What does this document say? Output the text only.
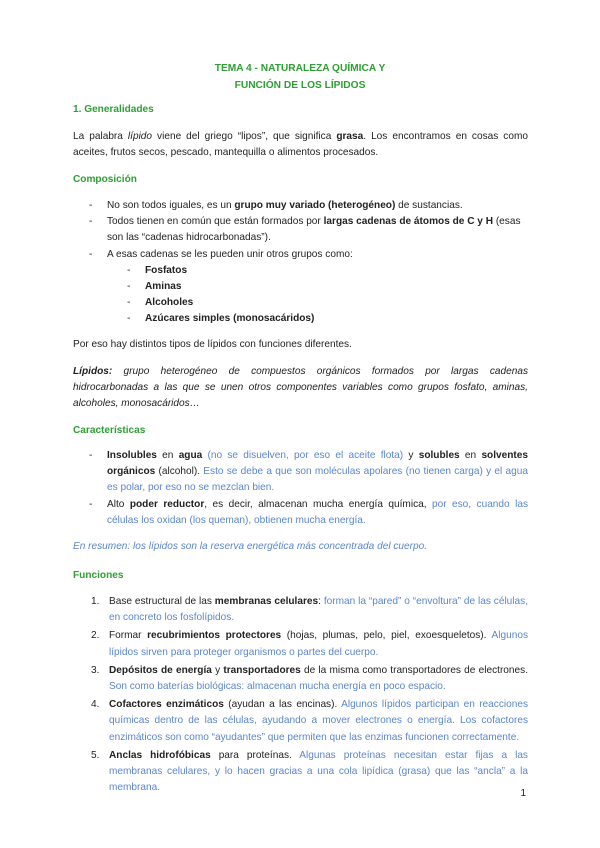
TEMA 4 - NATURALEZA QUÍMICA Y
FUNCIÓN DE LOS LÍPIDOS
1. Generalidades
La palabra lípido viene del griego “lipos”, que significa grasa. Los encontramos en cosas como aceites, frutos secos, pescado, mantequilla o alimentos procesados.
Composición
- No son todos iguales, es un grupo muy variado (heterogéneo) de sustancias.
- Todos tienen en común que están formados por largas cadenas de átomos de C y H (esas son las “cadenas hidrocarbonadas”).
- A esas cadenas se les pueden unir otros grupos como:
- Fosfatos
- Aminas
- Alcoholes
- Azúcares simples (monosacáridos)
Por eso hay distintos tipos de lípidos con funciones diferentes.
Lípidos: grupo heterogéneo de compuestos orgánicos formados por largas cadenas hidrocarbonadas a las que se unen otros componentes variables como grupos fosfato, aminas, alcoholes, monosacáridos…
Características
- Insolubles en agua (no se disuelven, por eso el aceite flota) y solubles en solventes orgánicos (alcohol). Esto se debe a que son moléculas apolares (no tienen carga) y el agua es polar, por eso no se mezclan bien.
- Alto poder reductor, es decir, almacenan mucha energía química, por eso, cuando las células los oxidan (los queman), obtienen mucha energía.
En resumen: los lípidos son la reserva energética más concentrada del cuerpo.
Funciones
1. Base estructural de las membranas celulares: forman la “pared” o “envoltura” de las células, en concreto los fosfolípidos.
2. Formar recubrimientos protectores (hojas, plumas, pelo, piel, exoesqueletos). Algunos lípidos sirven para proteger organismos o partes del cuerpo.
3. Depósitos de energía y transportadores de la misma como transportadores de electrones. Son como baterías biológicas: almacenan mucha energía en poco espacio.
4. Cofactores enzimáticos (ayudan a las encinas). Algunos lípidos participan en reacciones químicas dentro de las células, ayudando a mover electrones o energía. Los cofactores enzimáticos son como “ayudantes” que permiten que las enzimas funcionen correctamente.
5. Anclas hidrofóbicas para proteínas. Algunas proteínas necesitan estar fijas a las membranas celulares, y lo hacen gracias a una cola lipídica (grasa) que las “ancla” a la membrana.
1
